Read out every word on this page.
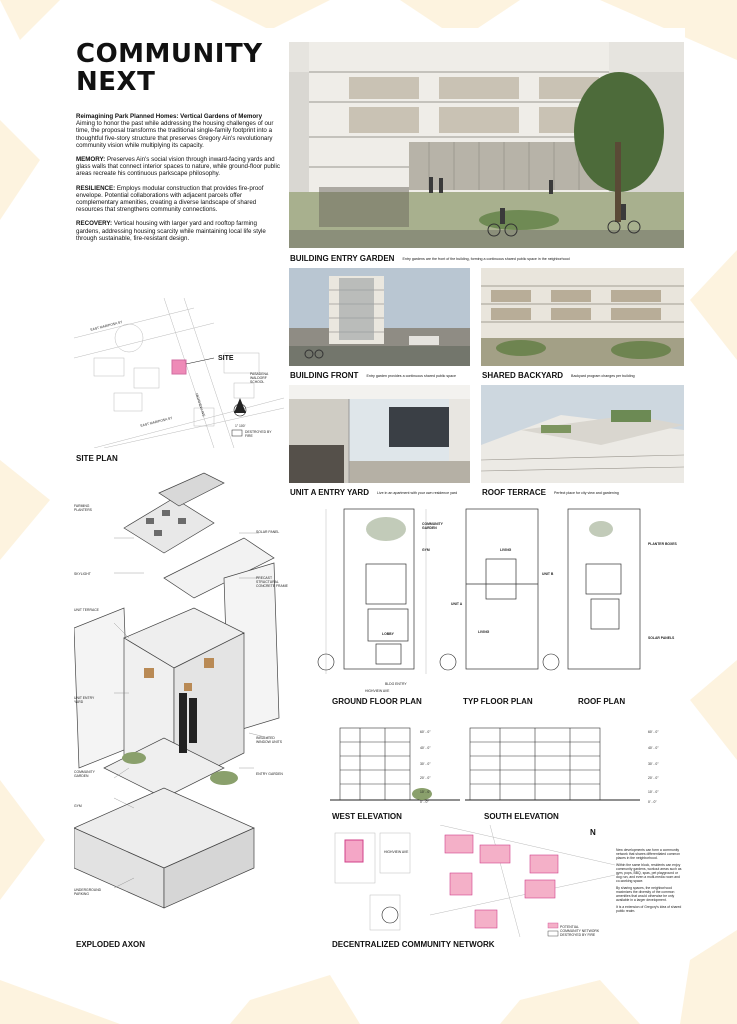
COMMUNITY
NEXT

Reimagining Park Planned Homes: Vertical Gardens of Memory
Aiming to honor the past while addressing the housing challenges of our time, the proposal transforms the traditional single-family footprint into a thoughtful five-story structure that preserves Gregory Ain's revolutionary community vision while multiplying its capacity.

MEMORY: Preserves Ain's social vision through inward-facing yards and glass walls that connect interior spaces to nature, while ground-floor public areas recreate his continuous parkscape philosophy.

RESILIENCE: Employs modular construction that provides fire-proof envelope. Potential collaborations with adjacent parcels offer complementary amenities, creating a diverse landscape of shared resources that strengthens community connections.

RECOVERY: Vertical housing with larger yard and rooftop farming gardens, addressing housing scarcity while maintaining local life style through sustainable, fire-resistant design.

BUILDING ENTRY GARDEN Entry gardens are the front of the building, forming a continuous shared public space in the neighborhood
BUILDING FRONT Entry garden provides a continuous shared public space	SHARED BACKYARD Backyard program changes per building
UNIT A ENTRY YARD Live in an apartment with your own residence yard	ROOF TERRACE Perfect place for city view and gardening
SITE
PASADENA WALDORF SCHOOL
DESTROYED BY FIRE
1" 100'
EAST MARIPOSA ST
EAST MARIPOSA ST
HIGHVIEW AVE
SITE PLAN
FARMING PLANTERS
SKYLIGHT
UNIT TERRACE
UNIT ENTRY YARD
COMMUNITY GARDEN
GYM
UNDERGROUND PARKING
SOLAR PANEL
PRECAST STRUCTURAL CONCRETE FRAME
INSULATED WINDOW UNITS
ENTRY GARDEN
EXPLODED AXON
COMMUNITY GARDEN
GYM
LOBBY
BLDG ENTRY
HIGHVIEW AVE
LIVING
LIVING
UNIT B
UNIT A
PLANTER BOXES
SOLAR PANELS
GROUND FLOOR PLAN	TYP FLOOR PLAN	ROOF PLAN
60' - 0"
40' - 0"
30' - 0"
20' - 0"
10' - 0"
0' - 0"
60' - 0"
40' - 0"
30' - 0"
20' - 0"
10' - 0"
0' - 0"
WEST ELEVATION	SOUTH ELEVATION
HIGHVIEW AVE
POTENTIAL COMMUNITY NETWORK
DESTROYED BY FIRE
N
New developments can form a community network that shares differentiated common places in the neighborhood.
Within the same block, residents can enjoy community gardens, workout areas such as gym, pops, BBQ, spas, pet playground or dog run, and even a multi-media room and co-working space.
By sharing spaces, the neighborhood maximizes the diversity of the common amenities that would otherwise be only available in a larger development.
It is a extension of Gregory's idea of shared public realm.
DECENTRALIZED COMMUNITY NETWORK
